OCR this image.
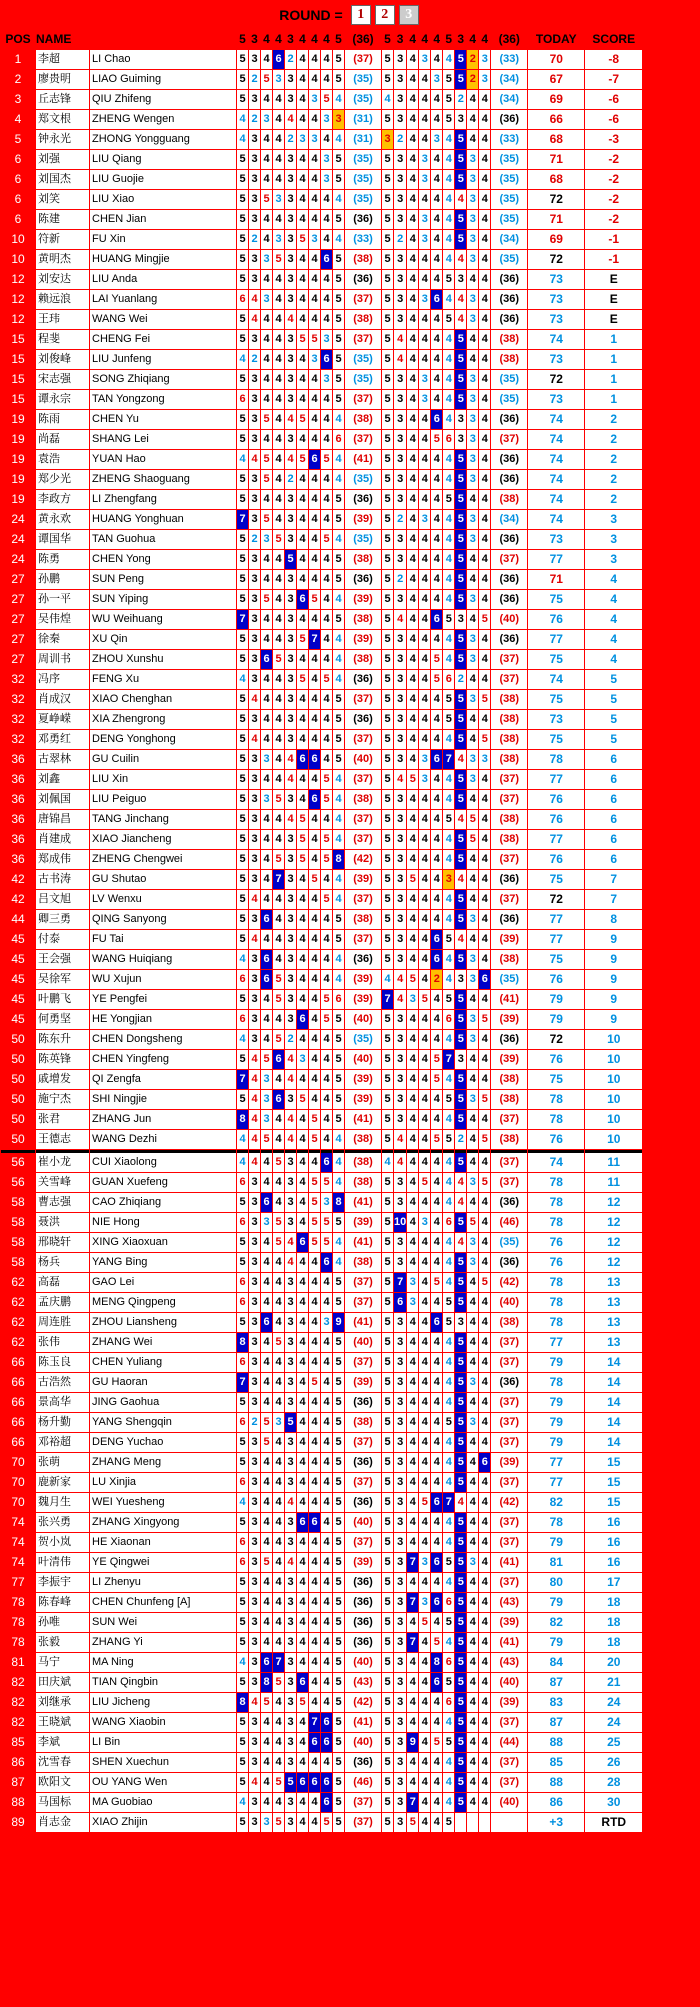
ROUND =	1	2	3
POS	NAME		5	3	4	4	3	4	4	4	5	(36)	5	3	4	4	4	5	3	4	4	(36)	TODAY	SCORE
1	李超	LI Chao	5	3	4	6	2	4	4	4	5	(37)	5	3	4	3	4	4	5	2	3	(33)	70	-8
2	廖贵明	LIAO Guiming	5	2	5	3	3	4	4	4	5	(35)	5	3	4	4	3	5	5	2	3	(34)	67	-7
3	丘志锋	QIU Zhifeng	5	3	4	4	3	4	3	5	4	(35)	4	3	4	4	4	5	2	4	4	(34)	69	-6
4	郑文根	ZHENG Wengen	4	2	3	4	4	4	4	3	3	(31)	5	3	4	4	4	5	3	4	4	(36)	66	-6
5	钟永光	ZHONG Yongguang	4	3	4	4	2	3	3	4	4	(31)	3	2	4	4	3	4	5	4	4	(33)	68	-3
6	刘强	LIU Qiang	5	3	4	4	3	4	4	3	5	(35)	5	3	4	3	4	4	5	3	4	(35)	71	-2
6	刘国杰	LIU Guojie	5	3	4	4	3	4	4	3	5	(35)	5	3	4	3	4	4	5	3	4	(35)	68	-2
6	刘笑	LIU Xiao	5	3	5	3	3	4	4	4	4	(35)	5	3	4	4	4	4	4	3	4	(35)	72	-2
6	陈建	CHEN Jian	5	3	4	4	3	4	4	4	5	(36)	5	3	4	3	4	4	5	3	4	(35)	71	-2
10	符新	FU Xin	5	2	4	3	3	5	3	4	4	(33)	5	2	4	3	4	4	5	3	4	(34)	69	-1
10	黄明杰	HUANG Mingjie	5	3	3	5	3	4	4	6	5	(38)	5	3	4	4	4	4	4	3	4	(35)	72	-1
12	刘安达	LIU Anda	5	3	4	4	3	4	4	4	5	(36)	5	3	4	4	4	5	3	4	4	(36)	73	E
12	赖远浪	LAI Yuanlang	6	4	3	4	3	4	4	4	5	(37)	5	3	4	3	6	4	4	3	4	(36)	73	E
12	王玮	WANG Wei	5	4	4	4	4	4	4	4	5	(38)	5	3	4	4	4	5	4	3	4	(36)	73	E
15	程斐	CHENG Fei	5	3	4	4	3	5	5	3	5	(37)	5	4	4	4	4	4	5	4	4	(38)	74	1
15	刘俊峰	LIU Junfeng	4	2	4	4	3	4	3	6	5	(35)	5	4	4	4	4	4	5	4	4	(38)	73	1
15	宋志强	SONG Zhiqiang	5	3	4	4	3	4	4	3	5	(35)	5	3	4	3	4	4	5	3	4	(35)	72	1
15	谭永宗	TAN Yongzong	6	3	4	4	3	4	4	4	5	(37)	5	3	4	3	4	4	5	3	4	(35)	73	1
19	陈雨	CHEN Yu	5	3	5	4	4	5	4	4	4	(38)	5	3	4	4	6	4	3	3	4	(36)	74	2
19	尚磊	SHANG Lei	5	3	4	4	3	4	4	4	6	(37)	5	3	4	4	5	6	3	3	4	(37)	74	2
19	袁浩	YUAN Hao	4	4	5	4	4	5	6	5	4	(41)	5	3	4	4	4	4	5	3	4	(36)	74	2
19	郑少光	ZHENG Shaoguang	5	3	5	4	2	4	4	4	4	(35)	5	3	4	4	4	4	5	3	4	(36)	74	2
19	李政方	LI Zhengfang	5	3	4	4	3	4	4	4	5	(36)	5	3	4	4	4	5	5	4	4	(38)	74	2
24	黄永欢	HUANG Yonghuan	7	3	5	4	3	4	4	4	5	(39)	5	2	4	3	4	4	5	3	4	(34)	74	3
24	谭国华	TAN Guohua	5	2	3	5	3	4	4	5	4	(35)	5	3	4	4	4	4	5	3	4	(36)	73	3
24	陈勇	CHEN Yong	5	3	4	4	5	4	4	4	5	(38)	5	3	4	4	4	4	5	4	4	(37)	77	3
27	孙鹏	SUN Peng	5	3	4	4	3	4	4	4	5	(36)	5	2	4	4	4	4	5	4	4	(36)	71	4
27	孙一平	SUN Yiping	5	3	5	4	3	6	5	4	4	(39)	5	3	4	4	4	4	5	3	4	(36)	75	4
27	吴伟煌	WU Weihuang	7	3	4	4	3	4	4	4	5	(38)	5	4	4	4	6	5	3	4	5	(40)	76	4
27	徐秦	XU Qin	5	3	4	4	3	5	7	4	4	(39)	5	3	4	4	4	4	5	3	4	(36)	77	4
27	周训书	ZHOU Xunshu	5	3	6	5	3	4	4	4	4	(38)	5	3	4	4	5	4	5	3	4	(37)	75	4
32	冯序	FENG Xu	4	3	4	4	3	5	4	5	4	(36)	5	3	4	4	5	6	2	4	4	(37)	74	5
32	肖成汉	XIAO Chenghan	5	4	4	4	3	4	4	4	5	(37)	5	3	4	4	4	5	5	3	5	(38)	75	5
32	夏峥嵘	XIA Zhengrong	5	3	4	4	3	4	4	4	5	(36)	5	3	4	4	4	5	5	4	4	(38)	73	5
32	邓勇红	DENG Yonghong	5	4	4	4	3	4	4	4	5	(37)	5	3	4	4	4	4	5	4	5	(38)	75	5
36	古翠林	GU Cuilin	5	3	3	4	4	6	6	4	5	(40)	5	3	4	3	6	7	4	3	3	(38)	78	6
36	刘鑫	LIU Xin	5	3	4	4	4	4	4	5	4	(37)	5	4	5	3	4	4	5	3	4	(37)	77	6
36	刘佩国	LIU Peiguo	5	3	3	5	3	4	6	5	4	(38)	5	3	4	4	4	4	5	4	4	(37)	76	6
36	唐锦昌	TANG Jinchang	5	3	4	4	4	5	4	4	4	(37)	5	3	4	4	4	5	4	5	4	(38)	76	6
36	肖建成	XIAO Jiancheng	5	3	4	4	3	5	4	5	4	(37)	5	3	4	4	4	4	5	5	4	(38)	77	6
36	郑成伟	ZHENG Chengwei	5	3	4	5	3	5	4	5	8	(42)	5	3	4	4	4	4	5	4	4	(37)	76	6
42	古书涛	GU Shutao	5	3	4	7	3	4	5	4	4	(39)	5	3	5	4	4	3	4	4	4	(36)	75	7
42	吕文旭	LV Wenxu	5	4	4	4	3	4	4	5	4	(37)	5	3	4	4	4	4	5	4	4	(37)	72	7
44	卿三勇	QING Sanyong	5	3	6	4	3	4	4	4	5	(38)	5	3	4	4	4	4	5	3	4	(36)	77	8
45	付泰	FU Tai	5	4	4	4	3	4	4	4	5	(37)	5	3	4	4	6	5	4	4	4	(39)	77	9
45	王会强	WANG Huiqiang	4	3	6	4	3	4	4	4	4	(36)	5	3	4	4	6	4	5	3	4	(38)	75	9
45	吴徐军	WU Xujun	6	3	6	5	3	4	4	4	4	(39)	4	4	5	4	2	4	3	3	6	(35)	76	9
45	叶鹏飞	YE Pengfei	5	3	4	5	3	4	4	5	6	(39)	7	4	3	5	4	5	5	4	4	(41)	79	9
45	何勇坚	HE Yongjian	6	3	4	4	3	6	4	5	5	(40)	5	3	4	4	4	6	5	3	5	(39)	79	9
50	陈东升	CHEN Dongsheng	4	3	4	5	2	4	4	4	5	(35)	5	3	4	4	4	4	5	3	4	(36)	72	10
50	陈英锋	CHEN Yingfeng	5	4	5	6	4	3	4	4	5	(40)	5	3	4	4	5	7	3	4	4	(39)	76	10
50	戚增发	QI Zengfa	7	4	3	4	4	4	4	4	5	(39)	5	3	4	4	5	4	5	4	4	(38)	75	10
50	施宁杰	SHI Ningjie	5	4	3	6	3	5	4	4	5	(39)	5	3	4	4	4	5	5	3	5	(38)	78	10
50	张君	ZHANG Jun	8	4	3	4	4	4	5	4	5	(41)	5	3	4	4	4	4	5	4	4	(37)	78	10
50	王德志	WANG Dezhi	4	4	5	4	4	4	5	4	4	(38)	5	4	4	4	5	5	2	4	5	(38)	76	10
56	崔小龙	CUI Xiaolong	4	4	4	5	3	4	4	6	4	(38)	4	4	4	4	4	4	5	4	4	(37)	74	11
56	关雪峰	GUAN Xuefeng	6	3	4	4	3	4	5	5	4	(38)	5	3	4	5	4	4	4	3	5	(37)	78	11
58	曹志强	CAO Zhiqiang	5	3	6	4	3	4	5	3	8	(41)	5	3	4	4	4	4	4	4	4	(36)	78	12
58	聂洪	NIE Hong	6	3	3	5	3	4	5	5	5	(39)	5	10	4	3	4	6	5	5	4	(46)	78	12
58	邢晓轩	XING Xiaoxuan	5	3	4	5	4	6	5	5	4	(41)	5	3	4	4	4	4	4	3	4	(35)	76	12
58	杨兵	YANG Bing	5	3	4	4	4	4	4	6	4	(38)	5	3	4	4	4	4	5	3	4	(36)	76	12
62	高磊	GAO Lei	6	3	4	4	3	4	4	4	5	(37)	5	7	3	4	5	4	5	4	5	(42)	78	13
62	孟庆鹏	MENG Qingpeng	6	3	4	4	3	4	4	4	5	(37)	5	6	3	4	4	5	5	4	4	(40)	78	13
62	周连胜	ZHOU Liansheng	5	3	6	4	3	4	4	3	9	(41)	5	3	4	4	6	5	3	4	4	(38)	78	13
62	张伟	ZHANG Wei	8	3	4	5	3	4	4	4	5	(40)	5	3	4	4	4	4	5	4	4	(37)	77	13
66	陈玉良	CHEN Yuliang	6	3	4	4	3	4	4	4	5	(37)	5	3	4	4	4	4	5	4	4	(37)	79	14
66	古浩然	GU Haoran	7	3	4	4	3	4	5	4	5	(39)	5	3	4	4	4	4	5	3	4	(36)	78	14
66	景高华	JING Gaohua	5	3	4	4	3	4	4	4	5	(36)	5	3	4	4	4	4	5	4	4	(37)	79	14
66	杨升勤	YANG Shengqin	6	2	5	3	5	4	4	4	5	(38)	5	3	4	4	4	5	5	3	4	(37)	79	14
66	邓裕超	DENG Yuchao	5	3	5	4	3	4	4	4	5	(37)	5	3	4	4	4	4	5	4	4	(37)	79	14
70	张萌	ZHANG Meng	5	3	4	4	3	4	4	4	5	(36)	5	3	4	4	4	4	5	4	6	(39)	77	15
70	鹿新家	LU Xinjia	6	3	4	4	3	4	4	4	5	(37)	5	3	4	4	4	4	5	4	4	(37)	77	15
70	魏月生	WEI Yuesheng	4	3	4	4	4	4	4	4	5	(36)	5	3	4	5	6	7	4	4	4	(42)	82	15
74	张兴勇	ZHANG Xingyong	5	3	4	4	3	6	6	4	5	(40)	5	3	4	4	4	4	5	4	4	(37)	78	16
74	贺小岚	HE Xiaonan	6	3	4	4	3	4	4	4	5	(37)	5	3	4	4	4	4	5	4	4	(37)	79	16
74	叶清伟	YE Qingwei	6	3	5	4	4	4	4	4	5	(39)	5	3	7	3	6	5	5	3	4	(41)	81	16
77	李振宇	LI Zhenyu	5	3	4	4	3	4	4	4	5	(36)	5	3	4	4	4	4	5	4	4	(37)	80	17
78	陈春峰	CHEN Chunfeng [A]	5	3	4	4	3	4	4	4	5	(36)	5	3	7	3	6	6	5	4	4	(43)	79	18
78	孙唯	SUN Wei	5	3	4	4	3	4	4	4	5	(36)	5	3	4	5	4	5	5	4	4	(39)	82	18
78	张毅	ZHANG Yi	5	3	4	4	3	4	4	4	5	(36)	5	3	7	4	5	4	5	4	4	(41)	79	18
81	马宁	MA Ning	4	3	6	7	3	4	4	4	5	(40)	5	3	4	4	8	6	5	4	4	(43)	84	20
82	田庆斌	TIAN Qingbin	5	3	8	5	3	6	4	4	5	(43)	5	3	4	4	6	5	5	4	4	(40)	87	21
82	刘继承	LIU Jicheng	8	4	5	4	3	5	4	4	5	(42)	5	3	4	4	4	6	5	4	4	(39)	83	24
82	王晓斌	WANG Xiaobin	5	3	4	4	3	4	7	6	5	(41)	5	3	4	4	4	4	5	4	4	(37)	87	24
85	李斌	LI Bin	5	3	4	4	3	4	6	6	5	(40)	5	3	9	4	5	5	5	4	4	(44)	88	25
86	沈雪春	SHEN Xuechun	5	3	4	4	3	4	4	4	5	(36)	5	3	4	4	4	4	5	4	4	(37)	85	26
87	欧阳文	OU YANG Wen	5	4	4	5	5	6	6	6	5	(46)	5	3	4	4	4	4	5	4	4	(37)	88	28
88	马国标	MA Guobiao	4	3	4	4	3	4	4	6	5	(37)	5	3	7	4	4	4	5	4	4	(40)	86	30
89	肖志金	XIAO Zhijin	5	3	3	5	3	4	4	5	5	(37)	5	3	5	4	4	5					+3	RTD
